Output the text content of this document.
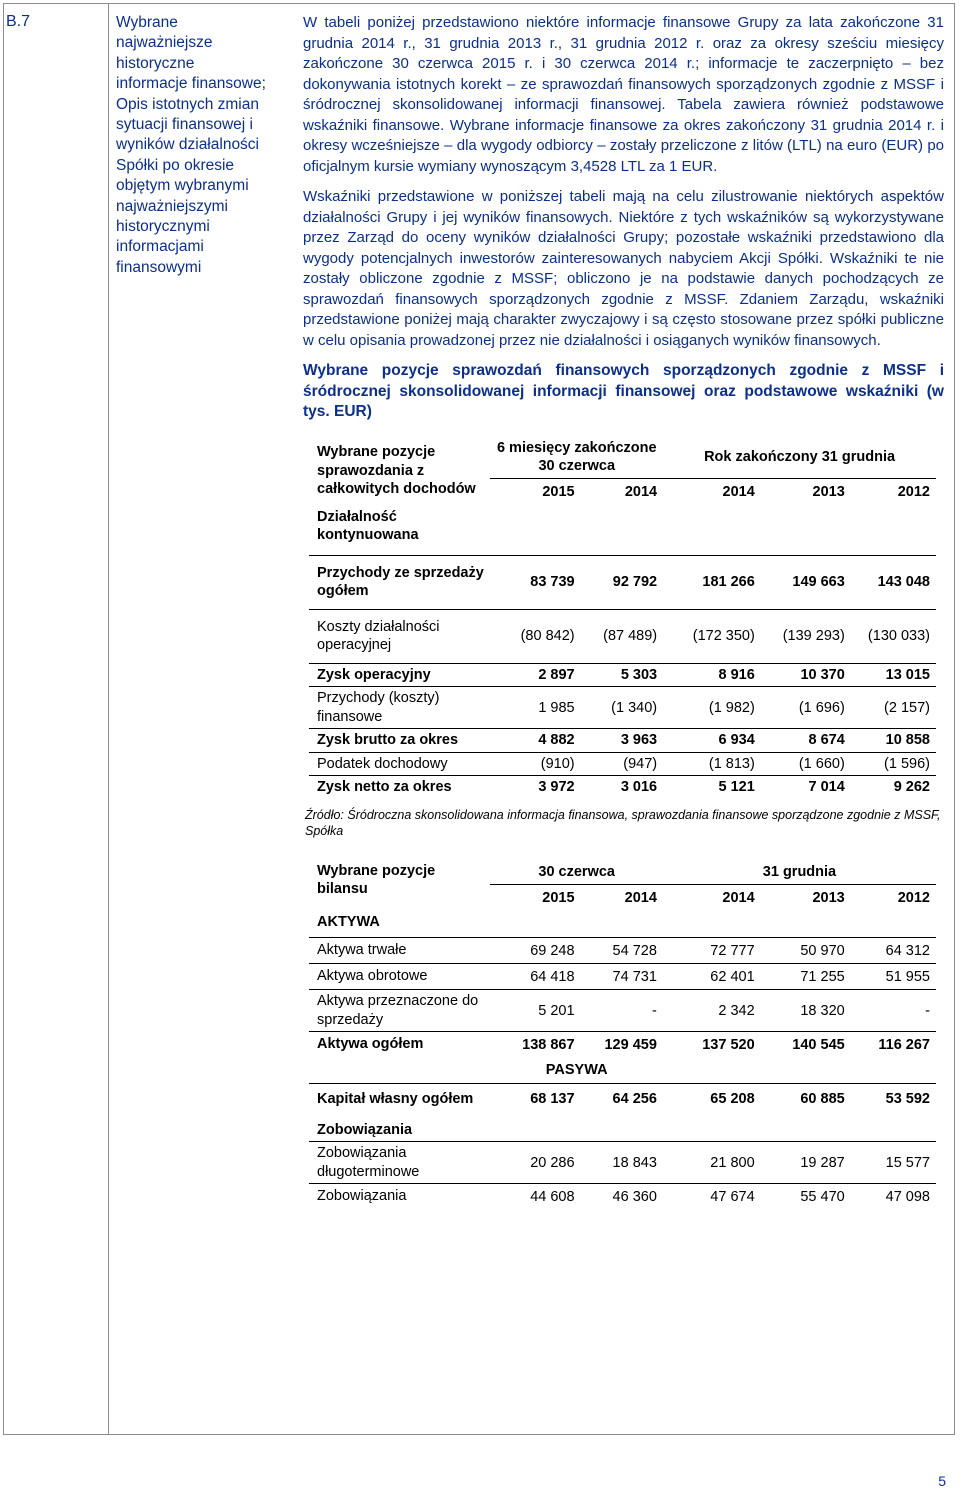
B.7	Wybrane najważniejsze historyczne informacje finansowe; Opis istotnych zmian sytuacji finansowej i wyników działalności Spółki po okresie objętym wybranymi najważniejszymi historycznymi informacjami finansowymi

W tabeli poniżej przedstawiono niektóre informacje finansowe Grupy za lata zakończone 31 grudnia 2014 r., 31 grudnia 2013 r., 31 grudnia 2012 r. oraz za okresy sześciu miesięcy zakończone 30 czerwca 2015 r. i 30 czerwca 2014 r.; informacje te zaczerpnięto – bez dokonywania istotnych korekt – ze sprawozdań finansowych sporządzonych zgodnie z MSSF i śródrocznej skonsolidowanej informacji finansowej. Tabela zawiera również podstawowe wskaźniki finansowe. Wybrane informacje finansowe za okres zakończony 31 grudnia 2014 r. i okresy wcześniejsze – dla wygody odbiorcy – zostały przeliczone z litów (LTL) na euro (EUR) po oficjalnym kursie wymiany wynoszącym 3,4528 LTL za 1 EUR.

Wskaźniki przedstawione w poniższej tabeli mają na celu zilustrowanie niektórych aspektów działalności Grupy i jej wyników finansowych. Niektóre z tych wskaźników są wykorzystywane przez Zarząd do oceny wyników działalności Grupy; pozostałe wskaźniki przedstawiono dla wygody potencjalnych inwestorów zainteresowanych nabyciem Akcji Spółki. Wskaźniki te nie zostały obliczone zgodnie z MSSF; obliczono je na podstawie danych pochodzących ze sprawozdań finansowych sporządzonych zgodnie z MSSF. Zdaniem Zarządu, wskaźniki przedstawione poniżej mają charakter zwyczajowy i są często stosowane przez spółki publiczne w celu opisania prowadzonej przez nie działalności i osiąganych wyników finansowych.

Wybrane pozycje sprawozdań finansowych sporządzonych zgodnie z MSSF i śródrocznej skonsolidowanej informacji finansowej oraz podstawowe wskaźniki (w tys. EUR)
Wybrane pozycje sprawozdania z całkowitych dochodów	6 miesięcy zakończone 30 czerwca		Rok zakończony 31 grudnia		
	2015	2014	2014	2013	2012
Działalność kontynuowana					
Przychody ze sprzedaży ogółem	83 739	92 792	181 266	149 663	143 048
Koszty działalności operacyjnej	(80 842)	(87 489)	(172 350)	(139 293)	(130 033)
Zysk operacyjny	2 897	5 303	8 916	10 370	13 015
Przychody (koszty) finansowe	1 985	(1 340)	(1 982)	(1 696)	(2 157)
Zysk brutto za okres	4 882	3 963	6 934	8 674	10 858
Podatek dochodowy	(910)	(947)	(1 813)	(1 660)	(1 596)
Zysk netto za okres	3 972	3 016	5 121	7 014	9 262
Źródło: Śródroczna skonsolidowana informacja finansowa, sprawozdania finansowe sporządzone zgodnie z MSSF, Spółka
Wybrane pozycje bilansu	30 czerwca		31 grudnia		
	2015	2014	2014	2013	2012
AKTYWA					
Aktywa trwałe	69 248	54 728	72 777	50 970	64 312
Aktywa obrotowe	64 418	74 731	62 401	71 255	51 955
Aktywa przeznaczone do sprzedaży	5 201	-	2 342	18 320	-
Aktywa ogółem	138 867	129 459	137 520	140 545	116 267
	PASYWA				
Kapitał własny ogółem	68 137	64 256	65 208	60 885	53 592
Zobowiązania					
Zobowiązania długoterminowe	20 286	18 843	21 800	19 287	15 577
Zobowiązania	44 608	46 360	47 674	55 470	47 098
5
